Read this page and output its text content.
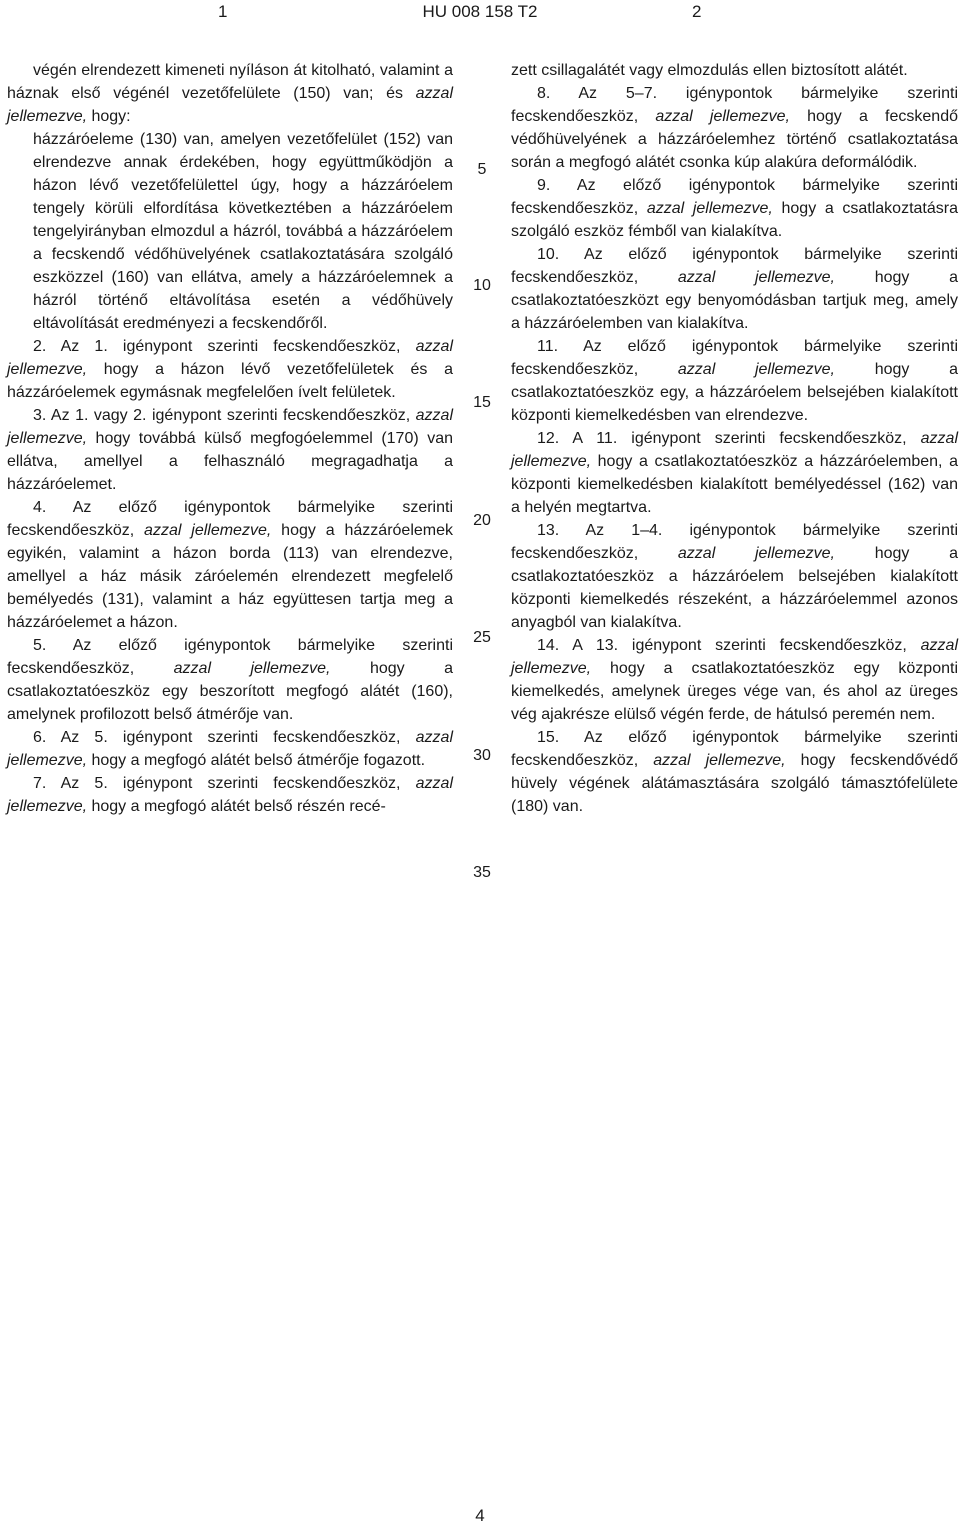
1	HU 008 158 T2	2

végén elrendezett kimeneti nyíláson át kitolható, valamint a háznak első végénél vezetőfelülete (150) van; és azzal jellemezve, hogy:

házzáróeleme (130) van, amelyen vezetőfelület (152) van elrendezve annak érdekében, hogy együttműködjön a házon lévő vezetőfelülettel úgy, hogy a házzáróelem tengely körüli elfordítása következtében a házzáróelem tengelyirányban elmozdul a házról, továbbá a házzáróelem a fecskendő védőhüvelyének csatlakoztatására szolgáló eszközzel (160) van ellátva, amely a házzáróelemnek a házról történő eltávolítása esetén a védőhüvely eltávolítását eredményezi a fecskendőről.

2. Az 1. igénypont szerinti fecskendőeszköz, azzal jellemezve, hogy a házon lévő vezetőfelületek és a házzáróelemek egymásnak megfelelően ívelt felületek.

3. Az 1. vagy 2. igénypont szerinti fecskendőeszköz, azzal jellemezve, hogy továbbá külső megfogóelemmel (170) van ellátva, amellyel a felhasználó megragadhatja a házzáróelemet.

4. Az előző igénypontok bármelyike szerinti fecskendőeszköz, azzal jellemezve, hogy a házzáróelemek egyikén, valamint a házon borda (113) van elrendezve, amellyel a ház másik záróelemén elrendezett megfelelő bemélyedés (131), valamint a ház együttesen tartja meg a házzáróelemet a házon.

5. Az előző igénypontok bármelyike szerinti fecskendőeszköz, azzal jellemezve, hogy a csatlakoztatóeszköz egy beszorított megfogó alátét (160), amelynek profilozott belső átmérője van.

6. Az 5. igénypont szerinti fecskendőeszköz, azzal jellemezve, hogy a megfogó alátét belső átmérője fogazott.

7. Az 5. igénypont szerinti fecskendőeszköz, azzal jellemezve, hogy a megfogó alátét belső részén recé-

5
10
15
20
25
30
35

zett csillagalátét vagy elmozdulás ellen biztosított alátét.

8. Az 5–7. igénypontok bármelyike szerinti fecskendőeszköz, azzal jellemezve, hogy a fecskendő védőhüvelyének a házzáróelemhez történő csatlakoztatása során a megfogó alátét csonka kúp alakúra deformálódik.

9. Az előző igénypontok bármelyike szerinti fecskendőeszköz, azzal jellemezve, hogy a csatlakoztatásra szolgáló eszköz fémből van kialakítva.

10. Az előző igénypontok bármelyike szerinti fecskendőeszköz, azzal jellemezve, hogy a csatlakoztatóeszközt egy benyomódásban tartjuk meg, amely a házzáróelemben van kialakítva.

11. Az előző igénypontok bármelyike szerinti fecskendőeszköz, azzal jellemezve, hogy a csatlakoztatóeszköz egy, a házzáróelem belsejében kialakított központi kiemelkedésben van elrendezve.

12. A 11. igénypont szerinti fecskendőeszköz, azzal jellemezve, hogy a csatlakoztatóeszköz a házzáróelemben, a központi kiemelkedésben kialakított bemélyedéssel (162) van a helyén megtartva.

13. Az 1–4. igénypontok bármelyike szerinti fecskendőeszköz, azzal jellemezve, hogy a csatlakoztatóeszköz a házzáróelem belsejében kialakított központi kiemelkedés részeként, a házzáróelemmel azonos anyagból van kialakítva.

14. A 13. igénypont szerinti fecskendőeszköz, azzal jellemezve, hogy a csatlakoztatóeszköz egy központi kiemelkedés, amelynek üreges vége van, és ahol az üreges vég ajakrésze elülső végén ferde, de hátulsó peremén nem.

15. Az előző igénypontok bármelyike szerinti fecskendőeszköz, azzal jellemezve, hogy fecskendővédő hüvely végének alátámasztására szolgáló támasztófelülete (180) van.

4
